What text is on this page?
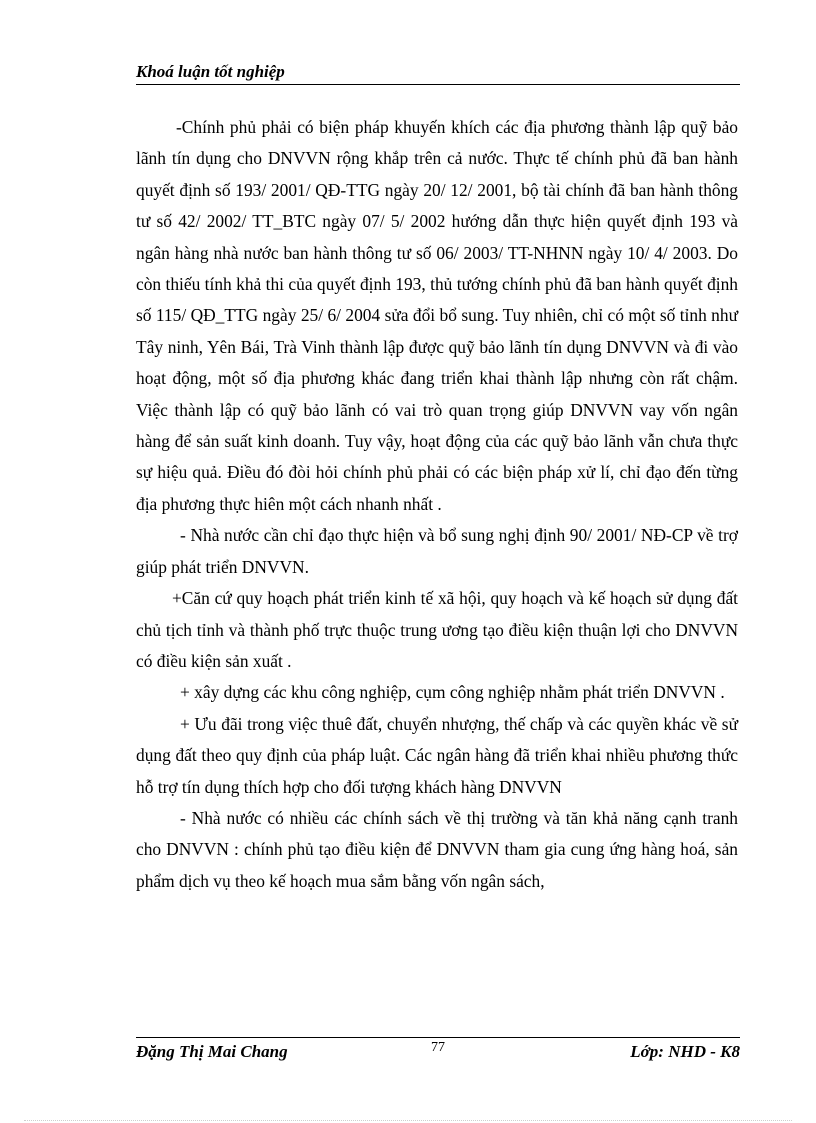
Khoá luận tốt nghiệp

-Chính phủ phải có biện pháp khuyến khích các địa phương thành lập quỹ bảo lãnh tín dụng cho DNVVN rộng khắp trên cả nước. Thực tế chính phủ đã ban hành quyết định số 193/ 2001/ QĐ-TTG ngày 20/ 12/ 2001, bộ tài chính đã ban hành thông tư số 42/ 2002/ TT_BTC ngày 07/ 5/ 2002 hướng dẫn thực hiện quyết định 193 và ngân hàng nhà nước ban hành thông tư số 06/ 2003/ TT-NHNN ngày 10/ 4/ 2003. Do còn thiếu tính khả thi của quyết định 193, thủ tướng chính phủ đã ban hành quyết định số 115/ QĐ_TTG ngày 25/ 6/ 2004 sửa đổi bổ sung. Tuy nhiên, chỉ có một số tỉnh như Tây ninh, Yên Bái, Trà Vinh thành lập được quỹ bảo lãnh tín dụng DNVVN và đi vào hoạt động, một số địa phương khác đang triển khai thành lập nhưng còn rất chậm. Việc thành lập có quỹ bảo lãnh có vai trò quan trọng giúp DNVVN vay vốn ngân hàng để sản suất kinh doanh. Tuy vậy, hoạt động của các quỹ bảo lãnh vẫn chưa thực sự hiệu quả. Điều đó đòi hỏi chính phủ phải có các biện pháp xử lí, chỉ đạo đến từng địa phương thực hiên một cách nhanh nhất .

- Nhà nước cần chỉ đạo thực hiện và bổ sung nghị định 90/ 2001/ NĐ-CP về trợ giúp phát triển DNVVN.

+Căn cứ quy hoạch phát triển kinh tế xã hội, quy hoạch và kế hoạch sử dụng đất chủ tịch tỉnh và thành phố trực thuộc trung ương tạo điều kiện thuận lợi cho DNVVN có điều kiện sản xuất .

+ xây dựng các khu công nghiệp, cụm công nghiệp nhằm phát triển DNVVN .

+ Ưu đãi trong việc thuê đất, chuyển nhượng, thế chấp và các quyền khác về sử dụng đất theo quy định của pháp luật. Các ngân hàng đã triển khai nhiều phương thức hỗ trợ tín dụng thích hợp cho đối tượng khách hàng DNVVN

- Nhà nước có nhiều các chính sách về thị trường và tăn khả năng cạnh tranh cho DNVVN : chính phủ tạo điều kiện để DNVVN tham gia cung ứng hàng hoá, sản phẩm dịch vụ theo kế hoạch mua sắm bằng vốn ngân sách,

Đặng Thị Mai Chang	77	Lớp: NHD - K8
